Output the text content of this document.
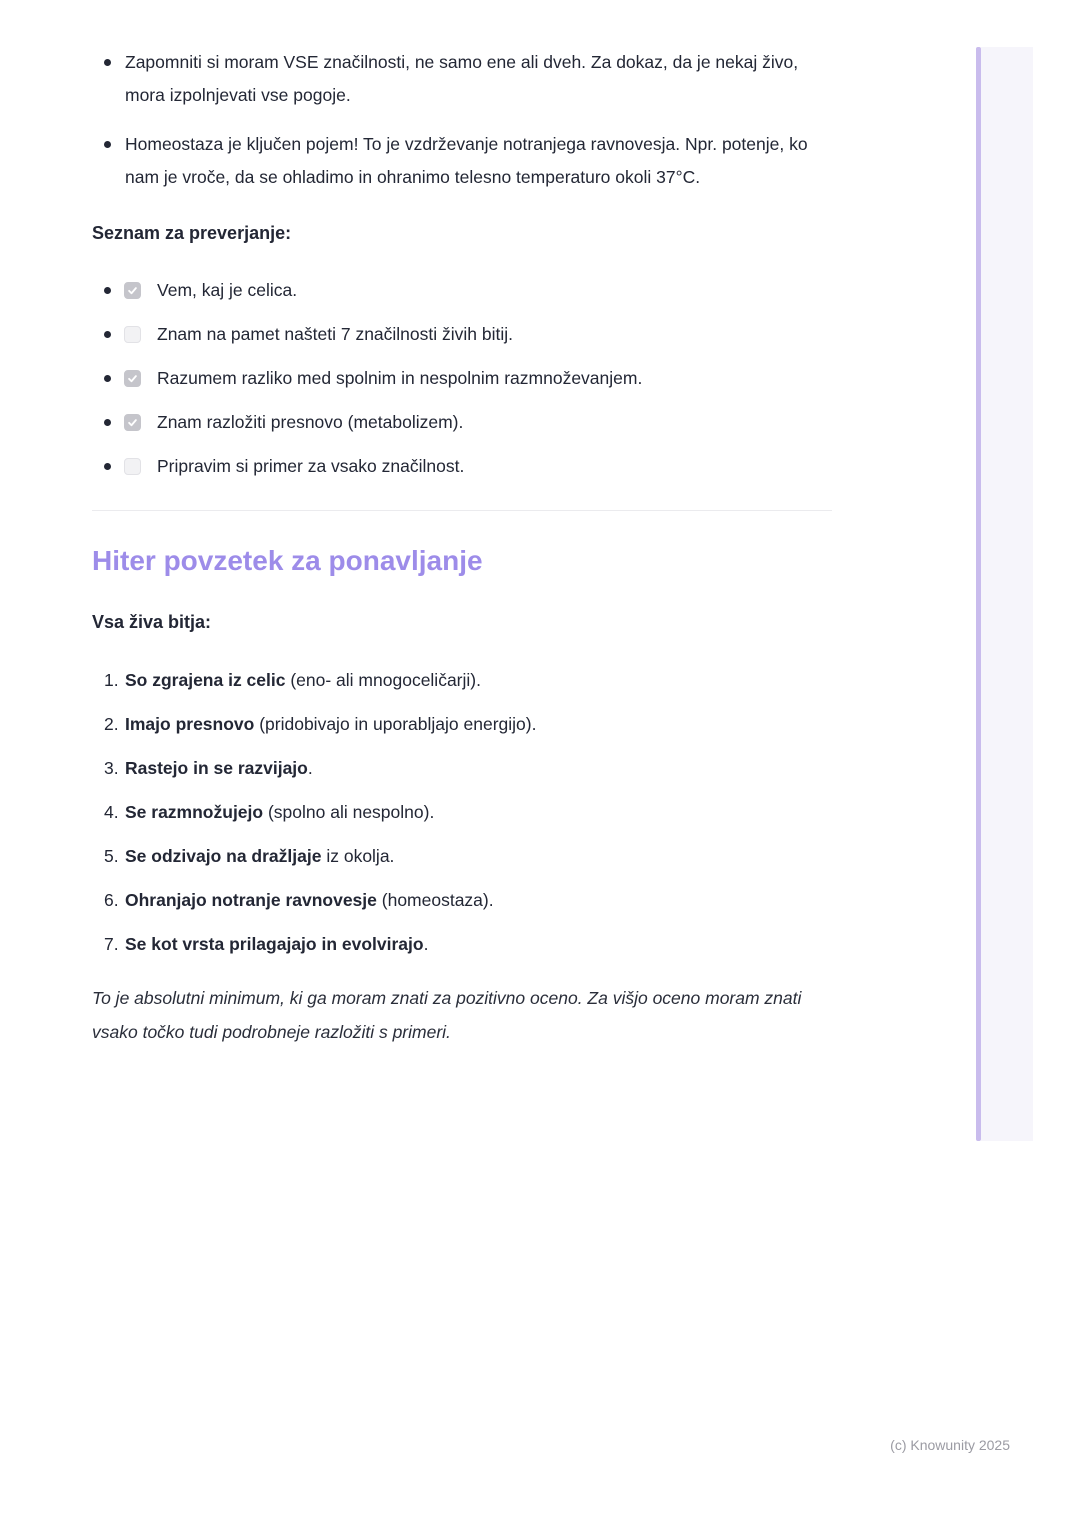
Zapomniti si moram VSE značilnosti, ne samo ene ali dveh. Za dokaz, da je nekaj živo, mora izpolnjevati vse pogoje.
Homeostaza je ključen pojem! To je vzdrževanje notranjega ravnovesja. Npr. potenje, ko nam je vroče, da se ohladimo in ohranimo telesno temperaturo okoli 37°C.
Seznam za preverjanje:
Vem, kaj je celica.
Znam na pamet našteti 7 značilnosti živih bitij.
Razumem razliko med spolnim in nespolnim razmnoževanjem.
Znam razložiti presnovo (metabolizem).
Pripravim si primer za vsako značilnost.
Hiter povzetek za ponavljanje
Vsa živa bitja:
1. So zgrajena iz celic (eno- ali mnogoceličarji).
2. Imajo presnovo (pridobivajo in uporabljajo energijo).
3. Rastejo in se razvijajo.
4. Se razmnožujejo (spolno ali nespolno).
5. Se odzivajo na dražljaje iz okolja.
6. Ohranjajo notranje ravnovesje (homeostaza).
7. Se kot vrsta prilagajajo in evolvirajo.

To je absolutni minimum, ki ga moram znati za pozitivno oceno. Za višjo oceno moram znati vsako točko tudi podrobneje razložiti s primeri.

(c) Knowunity 2025
